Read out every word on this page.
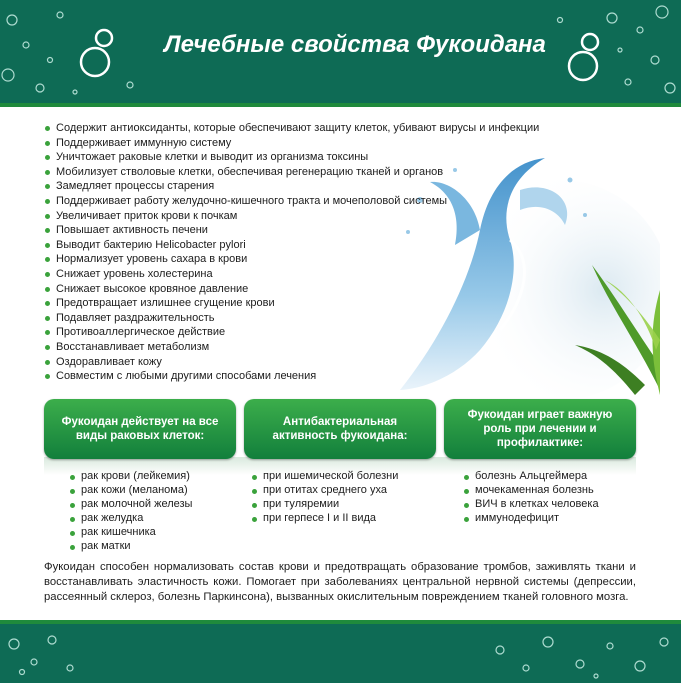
Лечебные свойства Фукоидана
Содержит антиоксиданты, которые обеспечивают защиту клеток, убивают вирусы и инфекции
Поддерживает иммунную систему
Уничтожает раковые клетки и выводит из организма токсины
Мобилизует стволовые клетки, обеспечивая регенерацию тканей и органов
Замедляет процессы старения
Поддерживает работу желудочно-кишечного тракта и мочеполовой системы
Увеличивает приток крови к почкам
Повышает активность печени
Выводит бактерию Helicobacter pylori
Нормализует уровень сахара в крови
Снижает уровень холестерина
Снижает высокое кровяное давление
Предотвращает излишнее сгущение крови
Подавляет раздражительность
Противоаллергическое действие
Восстанавливает метаболизм
Оздоравливает кожу
Совместим с любыми другими способами лечения
Фукоидан действует на все виды раковых клеток:
Антибактериальная активность фукоидана:
Фукоидан играет важную роль при лечении и профилактике:
рак крови (лейкемия)
рак кожи (меланома)
рак молочной железы
рак желудка
рак кишечника
рак матки
при ишемической болезни
при отитах среднего уха
при туляремии
при герпесе I и II вида
болезнь Альцгеймера
мочекаменная болезнь
ВИЧ в клетках человека
иммунодефицит
Фукоидан способен нормализовать состав крови и предотвращать образование тромбов, заживлять ткани и восстанавливать эластичность кожи. Помогает при заболеваниях центральной нервной системы (депрессии, рассеянный склероз, болезнь Паркинсона), вызванных окислительным повреждением тканей головного мозга.
